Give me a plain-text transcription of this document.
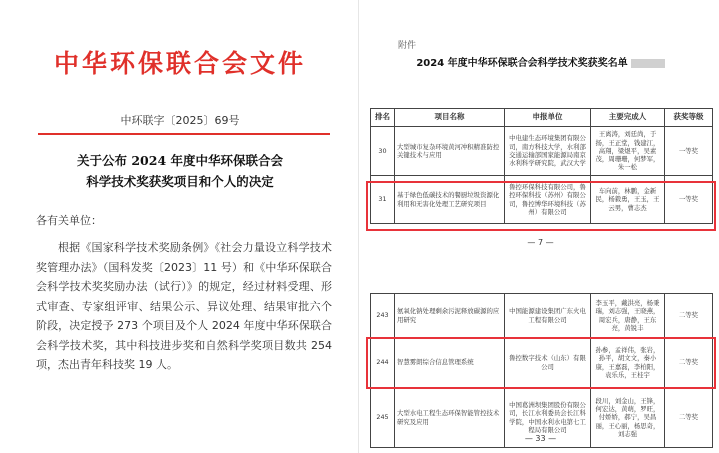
中华环保联合会文件
中环联字〔2025〕69号
关于公布 2024 年度中华环保联合会
科学技术奖获奖项目和个人的决定
各有关单位：
根据《国家科学技术奖励条例》《社会力量设立科学技术奖管理办法》（国科发奖〔2023〕11 号）和《中华环保联合会科学技术奖奖励办法（试行）》的规定，经过材料受理、形式审查、专家组评审、结果公示、异议处理、结果审批六个阶段，决定授予 273 个项目及个人 2024 年度中华环保联合会科学技术奖，其中科技进步奖和自然科学奖项目数共 254 项，杰出青年科技奖 19 人。
附件
2024 年度中华环保联合会科学技术奖获奖名单
排名	项目名称	申报单位	主要完成人	获奖等级
30	大型城市复杂环境黄河冲积精准防控关键技术与应用	中电建生态环境集团有限公司，南方科技大学，水利部交通运输部国家能源局南京水利科学研究院，武汉大学	王离涛，刘廷尚，于扬，王正堂，钱建江，高翔，梁煜平，吴素茂，周珊珊，何梦军，朱一松	一等奖
31	基于绿色低碳技术的餐厨垃圾资源化利用和无害化处理工艺研究项目	鲁控环保科技有限公司，鲁控环保科技（苏州）有限公司，鲁控博华环境科技（苏州）有限公司	车向前，林鹏，金新民，杨毅勇，王玉，王云男，曹志杰	一等奖
— 7 —
243	氨氧化钠处理剩余污泥释放碳源的应用研究	中国能源建设集团广东火电工程有限公司	李玉平，戴洪亮，杨秉瑞，刘志强，王晓燕，周宏兵，唐静，王东亮，黄锐丰	二等奖
244	智慧雾朗综合信息管理系统	鲁控数字技术（山东）有限公司	孙参，孟祥伟，张岩，孙平，胡文文，秦小康，王嘉磊，李柏阳，袁乐乐，王桂宇	二等奖
245	大型水电工程生态环保智能管控技术研究及应用	中国葛洲坝集团股份有限公司，长江水利委员会长江科学院，中国水利水电第七工程局有限公司	段川，刘金山，王锋，何宏达，黄萌，罗旺，付娇娇，郝宁，吴昌丽，王心丽，杨思奇，刘志强	二等奖
— 33 —
